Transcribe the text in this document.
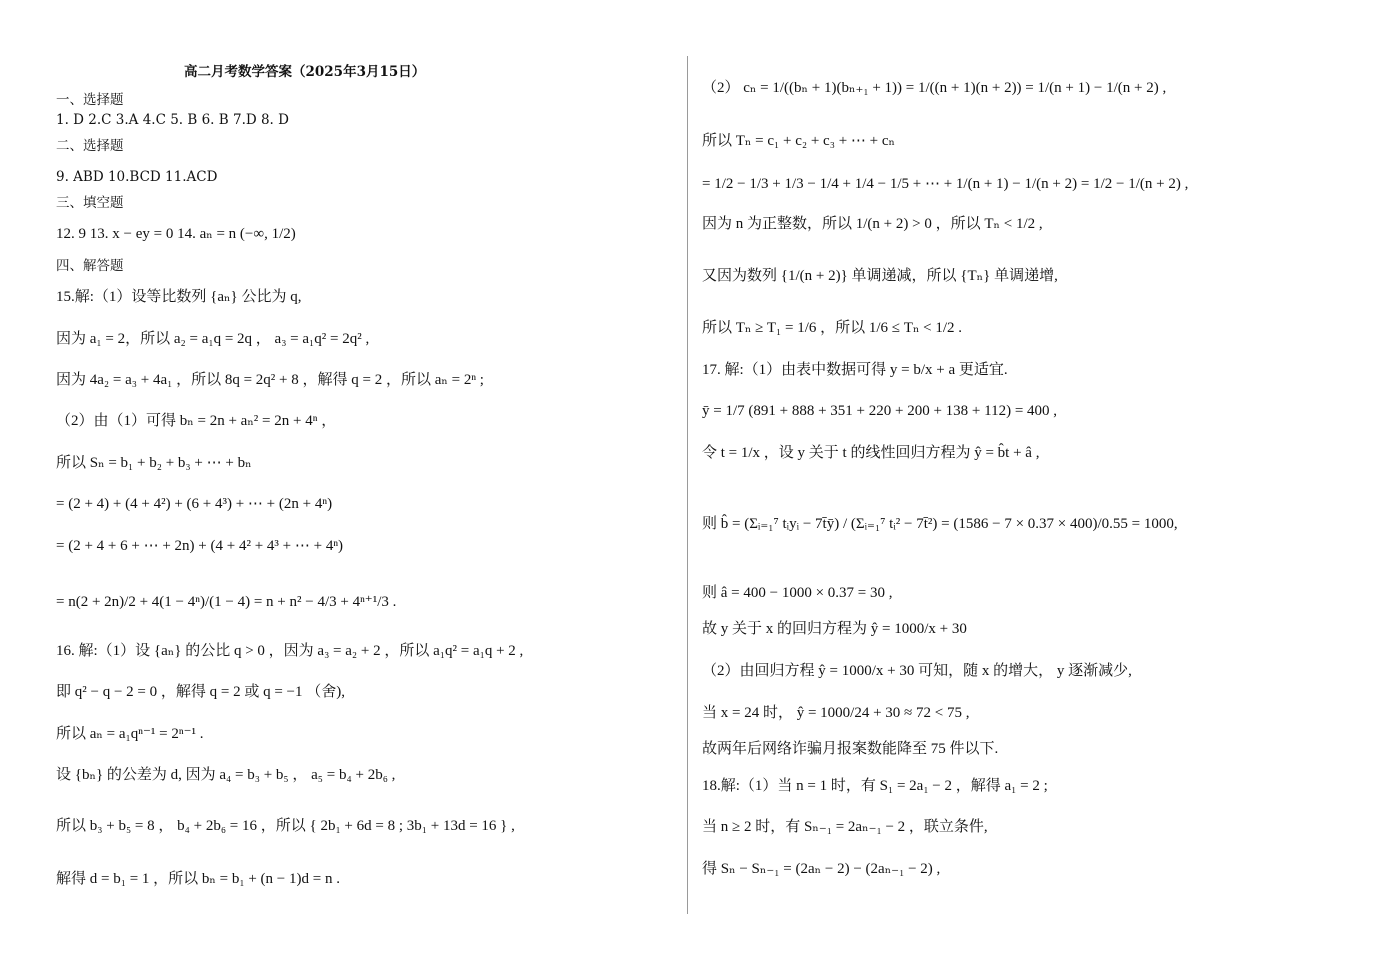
高二月考数学答案（2025年3月15日）
一、选择题
1. D 2.C 3.A 4.C 5. B 6. B 7.D 8. D
二、选择题
9. ABD 10.BCD 11.ACD
三、填空题
12. 9 13. x − ey = 0 14. aₙ = n (−∞, 1/2)
四、解答题
15.解:（1）设等比数列 {aₙ} 公比为 q,
因为 a₁ = 2，所以 a₂ = a₁q = 2q ， a₃ = a₁q² = 2q² ,
因为 4a₂ = a₃ + 4a₁ ，所以 8q = 2q² + 8 ，解得 q = 2 ，所以 aₙ = 2ⁿ ;
（2）由（1）可得 bₙ = 2n + aₙ² = 2n + 4ⁿ ，
所以 Sₙ = b₁ + b₂ + b₃ + ⋯ + bₙ
= (2 + 4) + (4 + 4²) + (6 + 4³) + ⋯ + (2n + 4ⁿ)
= (2 + 4 + 6 + ⋯ + 2n) + (4 + 4² + 4³ + ⋯ + 4ⁿ)
= n(2 + 2n)/2 + 4(1 − 4ⁿ)/(1 − 4) = n + n² − 4/3 + 4ⁿ⁺¹/3 .
16. 解:（1）设 {aₙ} 的公比 q > 0 ，因为 a₃ = a₂ + 2 ，所以 a₁q² = a₁q + 2 ,
即 q² − q − 2 = 0 ，解得 q = 2 或 q = −1 （舍),
所以 aₙ = a₁qⁿ⁻¹ = 2ⁿ⁻¹ .
设 {bₙ} 的公差为 d, 因为 a₄ = b₃ + b₅ ， a₅ = b₄ + 2b₆ ,
所以 b₃ + b₅ = 8 ， b₄ + 2b₆ = 16 ，所以 { 2b₁ + 6d = 8 ; 3b₁ + 13d = 16 } ,
解得 d = b₁ = 1 ，所以 bₙ = b₁ + (n − 1)d = n .
（2） cₙ = 1/((bₙ + 1)(bₙ₊₁ + 1)) = 1/((n + 1)(n + 2)) = 1/(n + 1) − 1/(n + 2) ,
所以 Tₙ = c₁ + c₂ + c₃ + ⋯ + cₙ
= 1/2 − 1/3 + 1/3 − 1/4 + 1/4 − 1/5 + ⋯ + 1/(n + 1) − 1/(n + 2) = 1/2 − 1/(n + 2) ,
因为 n 为正整数，所以 1/(n + 2) > 0 ，所以 Tₙ < 1/2 ,
又因为数列 {1/(n + 2)} 单调递减，所以 {Tₙ} 单调递增,
所以 Tₙ ≥ T₁ = 1/6 ，所以 1/6 ≤ Tₙ < 1/2 .
17. 解:（1）由表中数据可得 y = b/x + a 更适宜.
ȳ = 1/7 (891 + 888 + 351 + 220 + 200 + 138 + 112) = 400 ,
令 t = 1/x ，设 y 关于 t 的线性回归方程为 ŷ = b̂t + â ,
则 b̂ = (Σᵢ₌₁⁷ tᵢyᵢ − 7t̄ȳ) / (Σᵢ₌₁⁷ tᵢ² − 7t̄²) = (1586 − 7 × 0.37 × 400)/0.55 = 1000,
则 â = 400 − 1000 × 0.37 = 30 ,
故 y 关于 x 的回归方程为 ŷ = 1000/x + 30
（2）由回归方程 ŷ = 1000/x + 30 可知，随 x 的增大， y 逐渐减少,
当 x = 24 时， ŷ = 1000/24 + 30 ≈ 72 < 75 ,
故两年后网络诈骗月报案数能降至 75 件以下.
18.解:（1）当 n = 1 时，有 S₁ = 2a₁ − 2 ，解得 a₁ = 2 ;
当 n ≥ 2 时，有 Sₙ₋₁ = 2aₙ₋₁ − 2 ，联立条件,
得 Sₙ − Sₙ₋₁ = (2aₙ − 2) − (2aₙ₋₁ − 2) ,
